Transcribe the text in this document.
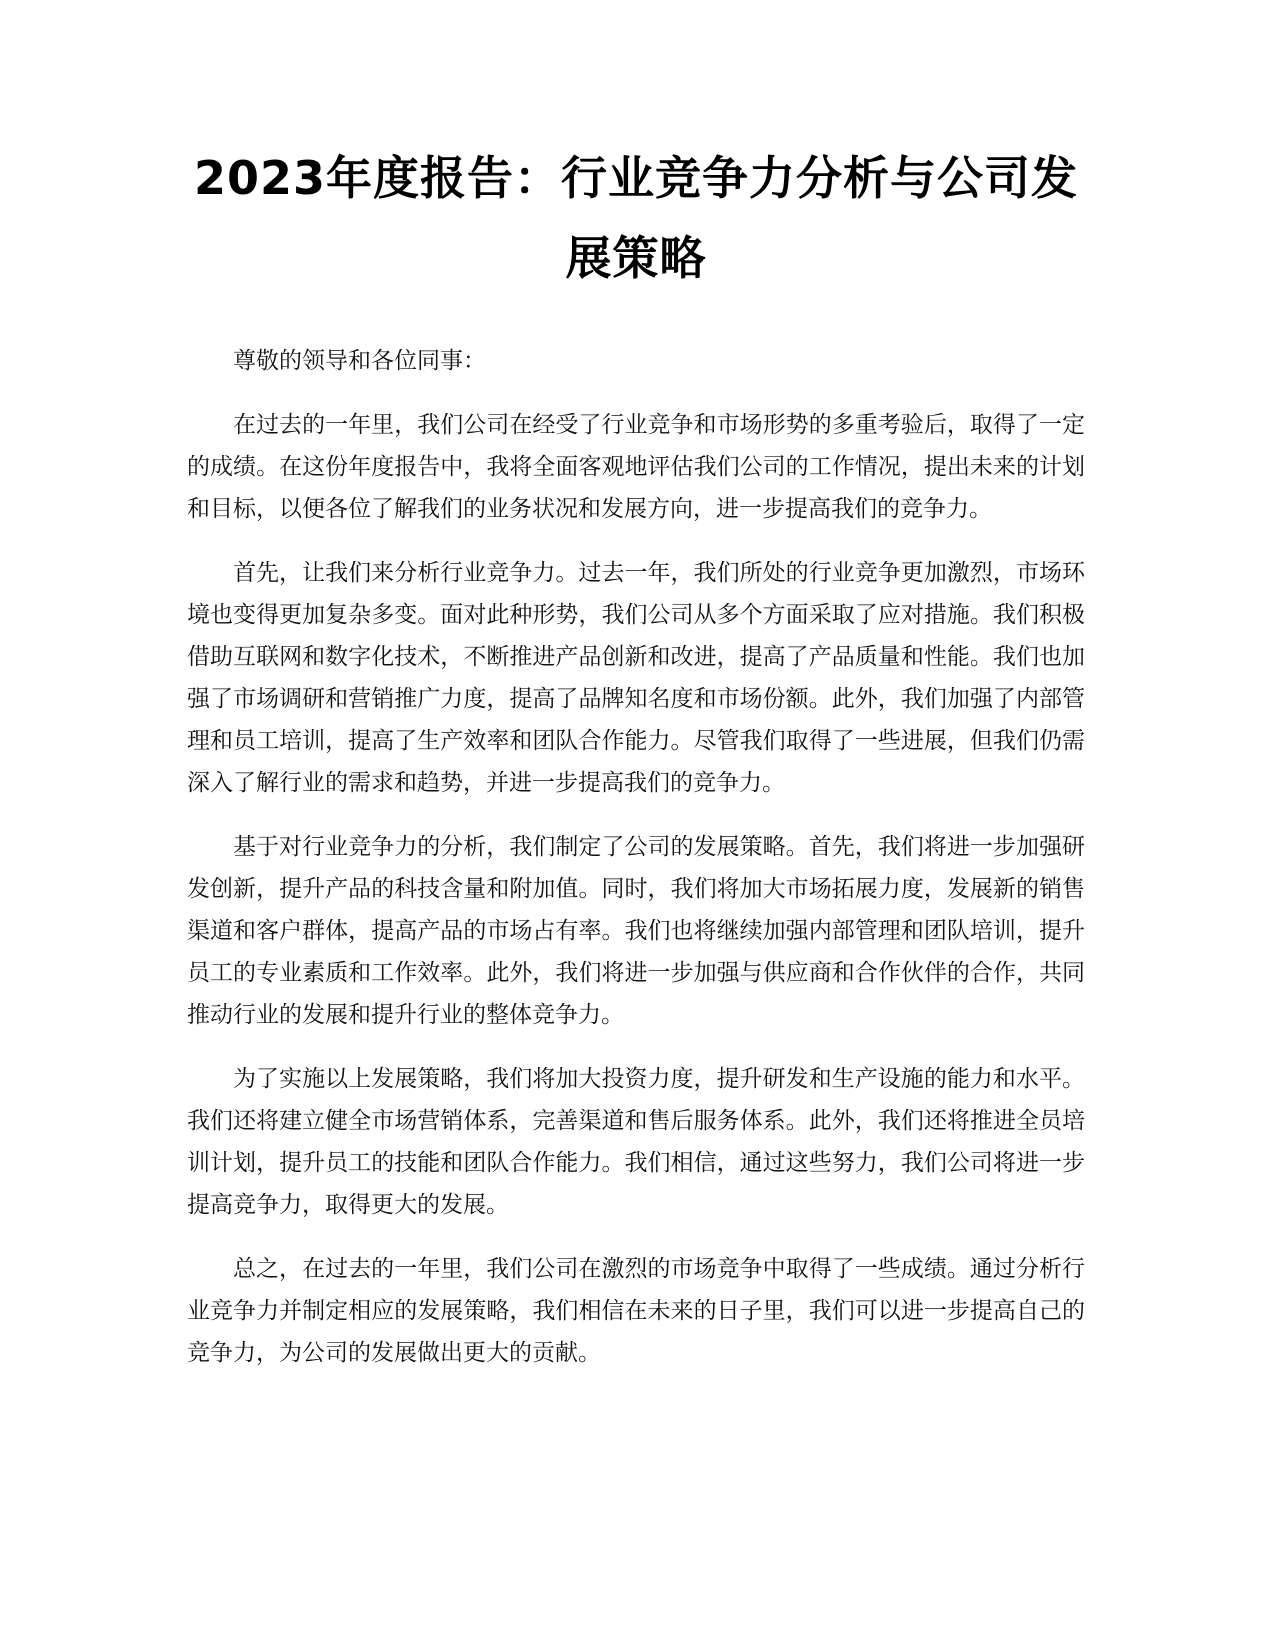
2023年度报告：行业竞争力分析与公司发展策略

尊敬的领导和各位同事：

在过去的一年里，我们公司在经受了行业竞争和市场形势的多重考验后，取得了一定的成绩。在这份年度报告中，我将全面客观地评估我们公司的工作情况，提出未来的计划和目标，以便各位了解我们的业务状况和发展方向，进一步提高我们的竞争力。

首先，让我们来分析行业竞争力。过去一年，我们所处的行业竞争更加激烈，市场环境也变得更加复杂多变。面对此种形势，我们公司从多个方面采取了应对措施。我们积极借助互联网和数字化技术，不断推进产品创新和改进，提高了产品质量和性能。我们也加强了市场调研和营销推广力度，提高了品牌知名度和市场份额。此外，我们加强了内部管理和员工培训，提高了生产效率和团队合作能力。尽管我们取得了一些进展，但我们仍需深入了解行业的需求和趋势，并进一步提高我们的竞争力。

基于对行业竞争力的分析，我们制定了公司的发展策略。首先，我们将进一步加强研发创新，提升产品的科技含量和附加值。同时，我们将加大市场拓展力度，发展新的销售渠道和客户群体，提高产品的市场占有率。我们也将继续加强内部管理和团队培训，提升员工的专业素质和工作效率。此外，我们将进一步加强与供应商和合作伙伴的合作，共同推动行业的发展和提升行业的整体竞争力。

为了实施以上发展策略，我们将加大投资力度，提升研发和生产设施的能力和水平。我们还将建立健全市场营销体系，完善渠道和售后服务体系。此外，我们还将推进全员培训计划，提升员工的技能和团队合作能力。我们相信，通过这些努力，我们公司将进一步提高竞争力，取得更大的发展。

总之，在过去的一年里，我们公司在激烈的市场竞争中取得了一些成绩。通过分析行业竞争力并制定相应的发展策略，我们相信在未来的日子里，我们可以进一步提高自己的竞争力，为公司的发展做出更大的贡献。
